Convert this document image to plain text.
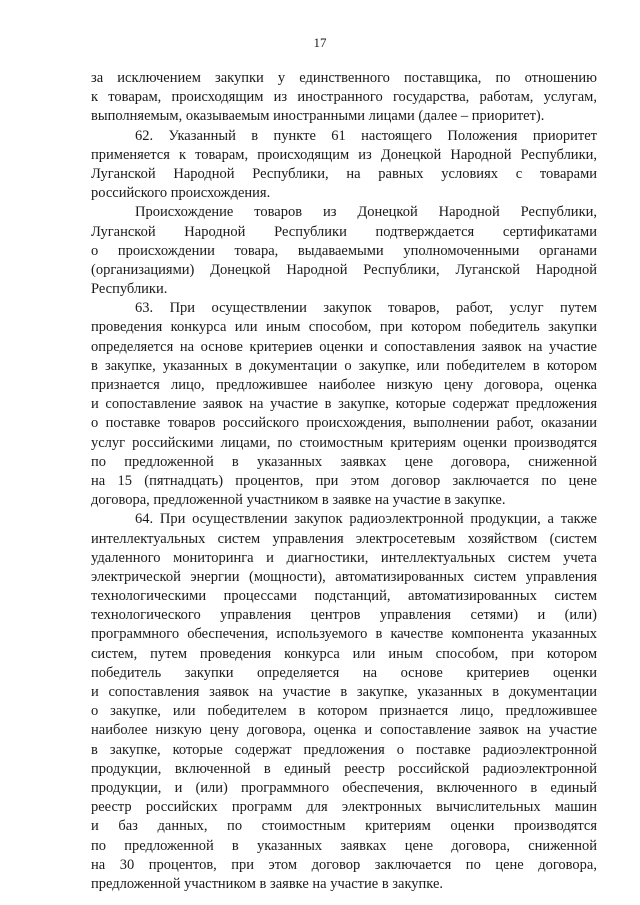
17
за исключением закупки у единственного поставщика, по отношению
к товарам, происходящим из иностранного государства, работам, услугам,
выполняемым, оказываемым иностранными лицами (далее – приоритет).
62. Указанный в пункте 61 настоящего Положения приоритет
применяется к товарам, происходящим из Донецкой Народной Республики,
Луганской Народной Республики, на равных условиях с товарами
российского происхождения.
Происхождение товаров из Донецкой Народной Республики,
Луганской Народной Республики подтверждается сертификатами
о происхождении товара, выдаваемыми уполномоченными органами
(организациями) Донецкой Народной Республики, Луганской Народной
Республики.
63. При осуществлении закупок товаров, работ, услуг путем
проведения конкурса или иным способом, при котором победитель закупки
определяется на основе критериев оценки и сопоставления заявок на участие
в закупке, указанных в документации о закупке, или победителем в котором
признается лицо, предложившее наиболее низкую цену договора, оценка
и сопоставление заявок на участие в закупке, которые содержат предложения
о поставке товаров российского происхождения, выполнении работ, оказании
услуг российскими лицами, по стоимостным критериям оценки производятся
по предложенной в указанных заявках цене договора, сниженной
на 15 (пятнадцать) процентов, при этом договор заключается по цене
договора, предложенной участником в заявке на участие в закупке.
64. При осуществлении закупок радиоэлектронной продукции, а также
интеллектуальных систем управления электросетевым хозяйством (систем
удаленного мониторинга и диагностики, интеллектуальных систем учета
электрической энергии (мощности), автоматизированных систем управления
технологическими процессами подстанций, автоматизированных систем
технологического управления центров управления сетями) и (или)
программного обеспечения, используемого в качестве компонента указанных
систем, путем проведения конкурса или иным способом, при котором
победитель закупки определяется на основе критериев оценки
и сопоставления заявок на участие в закупке, указанных в документации
о закупке, или победителем в котором признается лицо, предложившее
наиболее низкую цену договора, оценка и сопоставление заявок на участие
в закупке, которые содержат предложения о поставке радиоэлектронной
продукции, включенной в единый реестр российской радиоэлектронной
продукции, и (или) программного обеспечения, включенного в единый
реестр российских программ для электронных вычислительных машин
и баз данных, по стоимостным критериям оценки производятся
по предложенной в указанных заявках цене договора, сниженной
на 30 процентов, при этом договор заключается по цене договора,
предложенной участником в заявке на участие в закупке.
